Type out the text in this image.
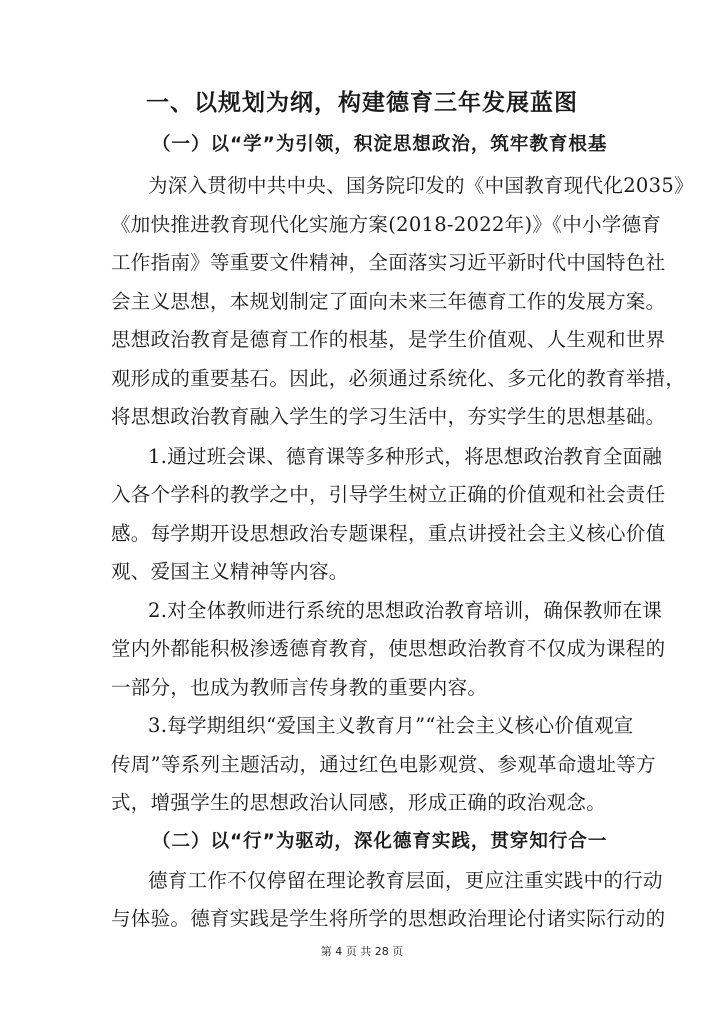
一、以规划为纲，构建德育三年发展蓝图
（一）以“学”为引领，积淀思想政治，筑牢教育根基
为深入贯彻中共中央、国务院印发的《中国教育现代化2035》
《加快推进教育现代化实施方案(2018-2022年)》《中小学德育
工作指南》等重要文件精神，全面落实习近平新时代中国特色社
会主义思想，本规划制定了面向未来三年德育工作的发展方案。
思想政治教育是德育工作的根基，是学生价值观、人生观和世界
观形成的重要基石。因此，必须通过系统化、多元化的教育举措，
将思想政治教育融入学生的学习生活中，夯实学生的思想基础。
1.通过班会课、德育课等多种形式，将思想政治教育全面融
入各个学科的教学之中，引导学生树立正确的价值观和社会责任
感。每学期开设思想政治专题课程，重点讲授社会主义核心价值
观、爱国主义精神等内容。
2.对全体教师进行系统的思想政治教育培训，确保教师在课
堂内外都能积极渗透德育教育，使思想政治教育不仅成为课程的
一部分，也成为教师言传身教的重要内容。
3.每学期组织“爱国主义教育月”“社会主义核心价值观宣
传周”等系列主题活动，通过红色电影观赏、参观革命遗址等方
式，增强学生的思想政治认同感，形成正确的政治观念。
（二）以“行”为驱动，深化德育实践，贯穿知行合一
德育工作不仅停留在理论教育层面，更应注重实践中的行动
与体验。德育实践是学生将所学的思想政治理论付诸实际行动的
第 4 页 共 28 页
